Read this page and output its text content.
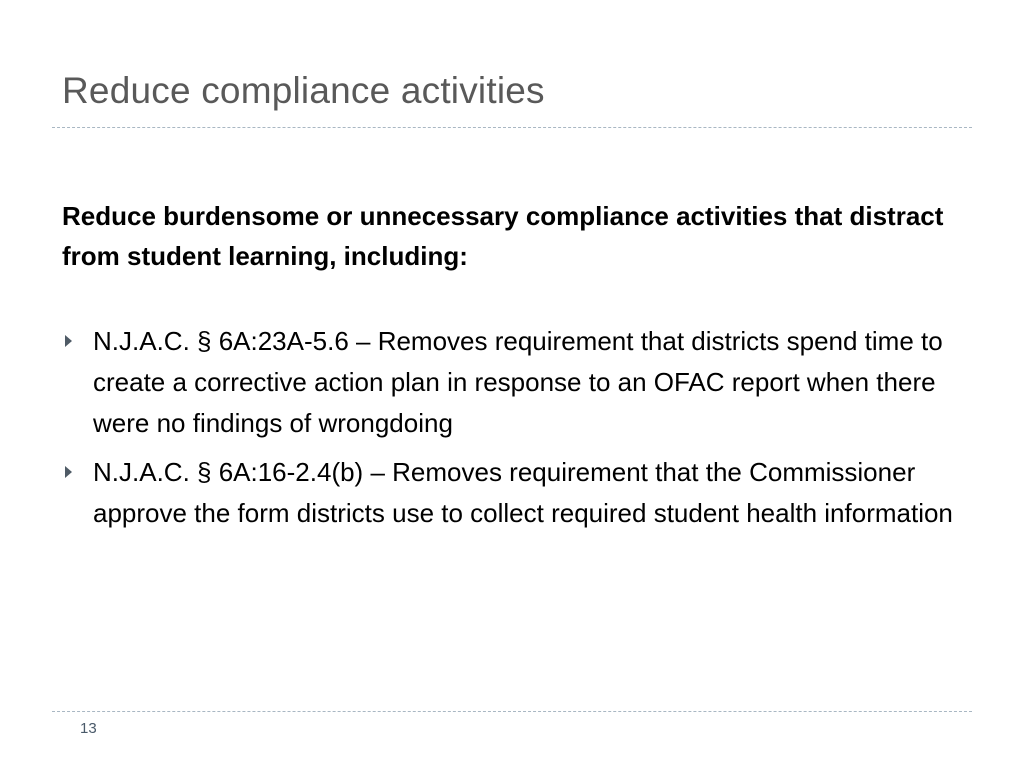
Reduce compliance activities
Reduce burdensome or unnecessary compliance activities that distract from student learning, including:
N.J.A.C. § 6A:23A-5.6 – Removes requirement that districts spend time to create a corrective action plan in response to an OFAC report when there were no findings of wrongdoing
N.J.A.C. § 6A:16-2.4(b) – Removes requirement that the Commissioner approve the form districts use to collect required student health information
13
